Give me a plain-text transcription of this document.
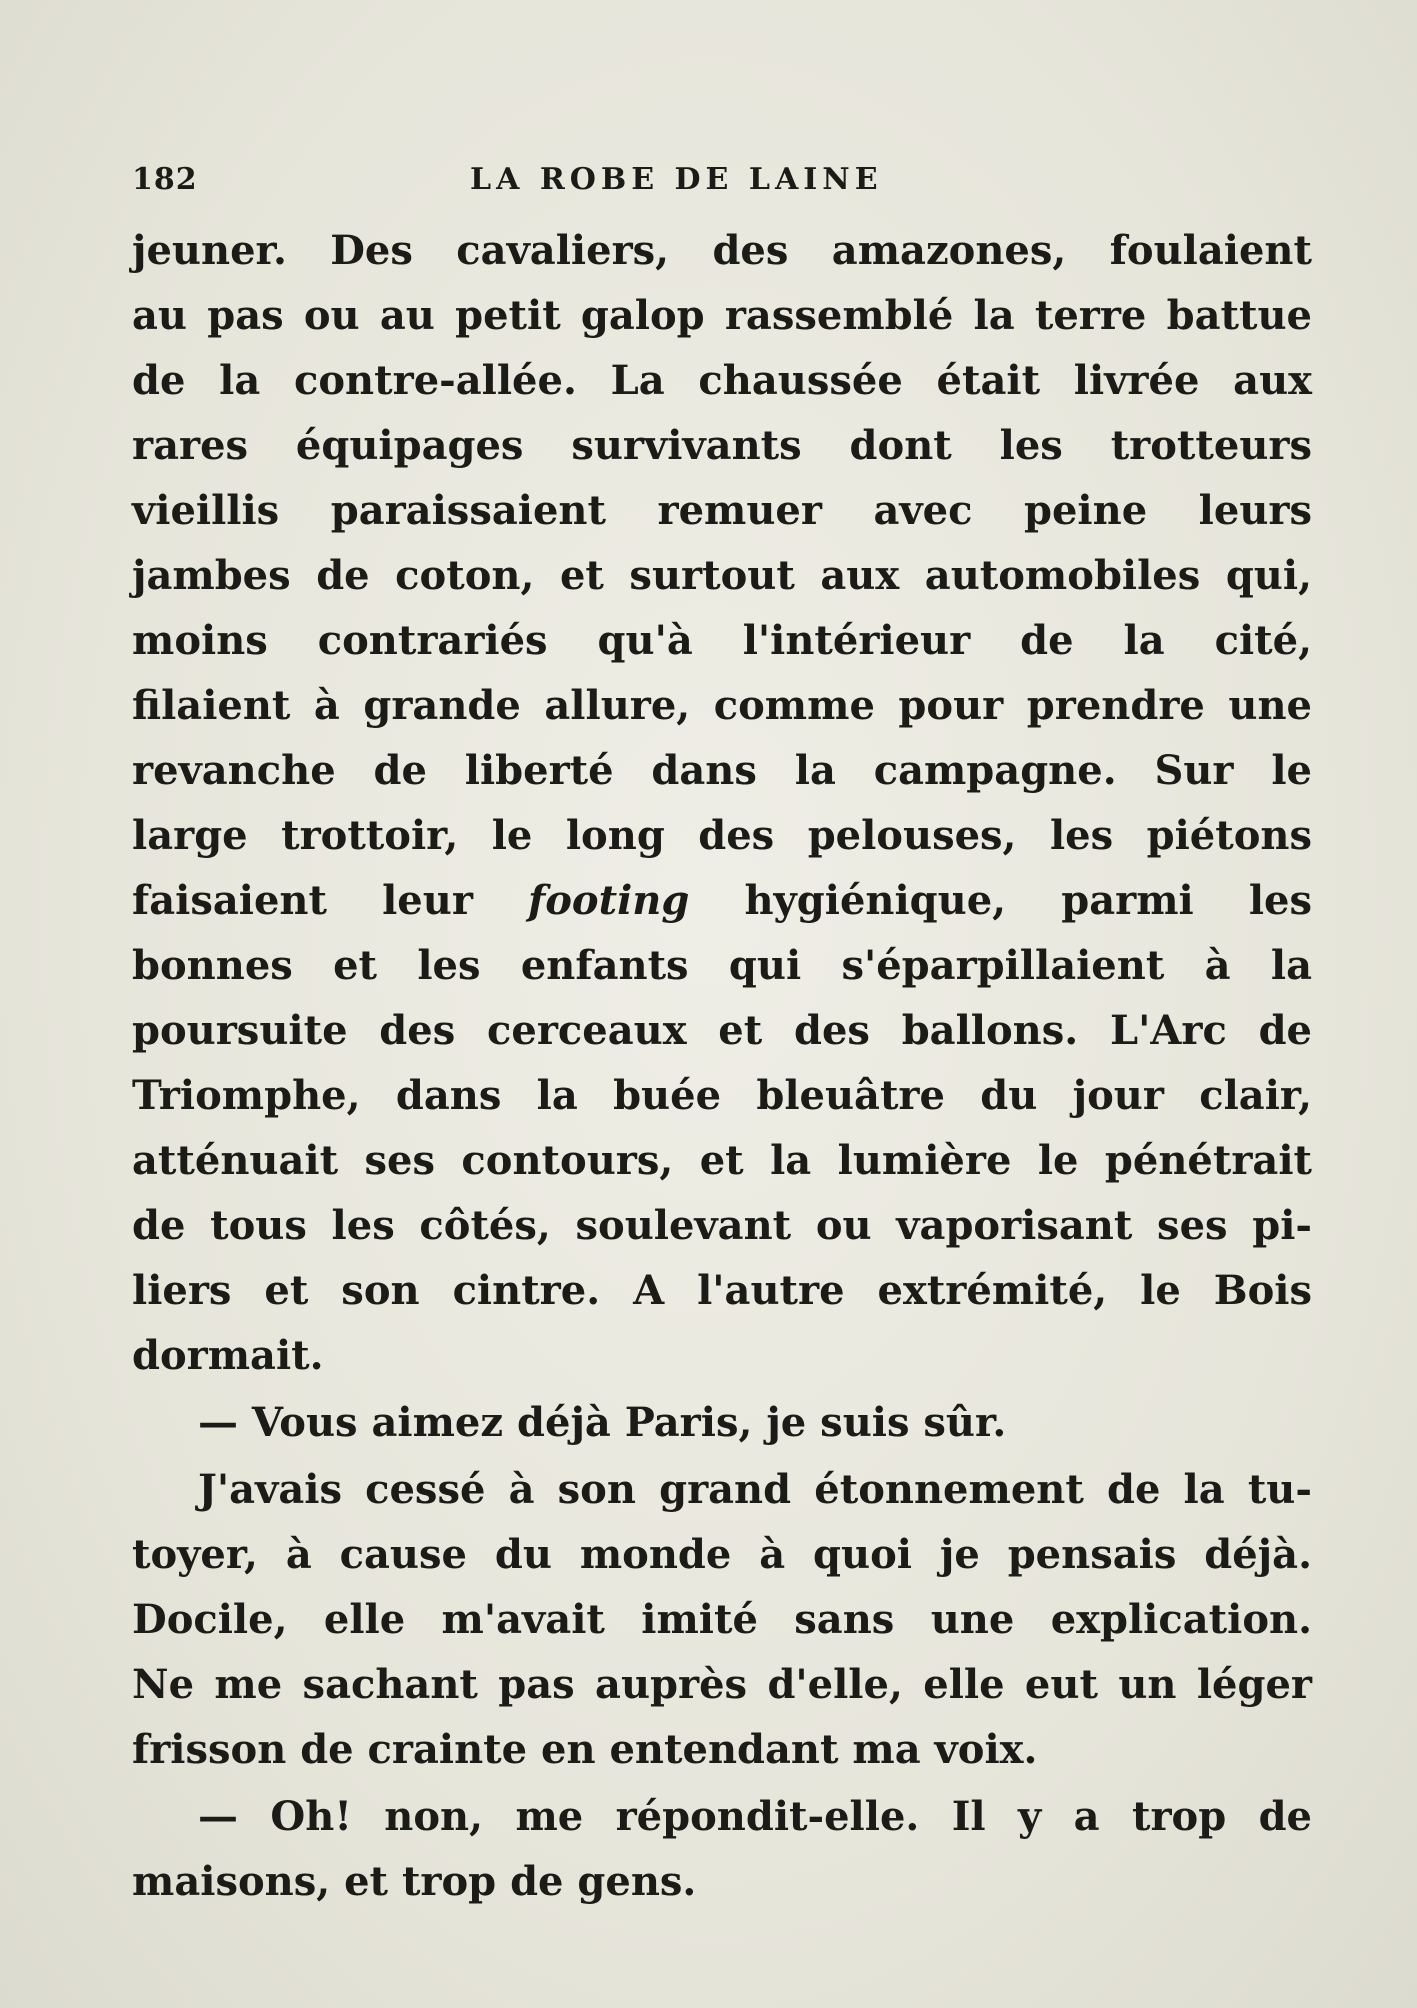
182	LA ROBE DE LAINE
jeuner. Des cavaliers, des amazones, foulaient
au pas ou au petit galop rassemblé la terre battue
de la contre-allée. La chaussée était livrée aux
rares équipages survivants dont les trotteurs
vieillis paraissaient remuer avec peine leurs
jambes de coton, et surtout aux automobiles qui,
moins contrariés qu'à l'intérieur de la cité,
filaient à grande allure, comme pour prendre une
revanche de liberté dans la campagne. Sur le
large trottoir, le long des pelouses, les piétons
faisaient leur footing hygiénique, parmi les
bonnes et les enfants qui s'éparpillaient à la
poursuite des cerceaux et des ballons. L'Arc de
Triomphe, dans la buée bleuâtre du jour clair,
atténuait ses contours, et la lumière le pénétrait
de tous les côtés, soulevant ou vaporisant ses pi-
liers et son cintre. A l'autre extrémité, le Bois
dormait.
— Vous aimez déjà Paris, je suis sûr.
J'avais cessé à son grand étonnement de la tu-
toyer, à cause du monde à quoi je pensais déjà.
Docile, elle m'avait imité sans une explication.
Ne me sachant pas auprès d'elle, elle eut un léger
frisson de crainte en entendant ma voix.
— Oh! non, me répondit-elle. Il y a trop de
maisons, et trop de gens.
